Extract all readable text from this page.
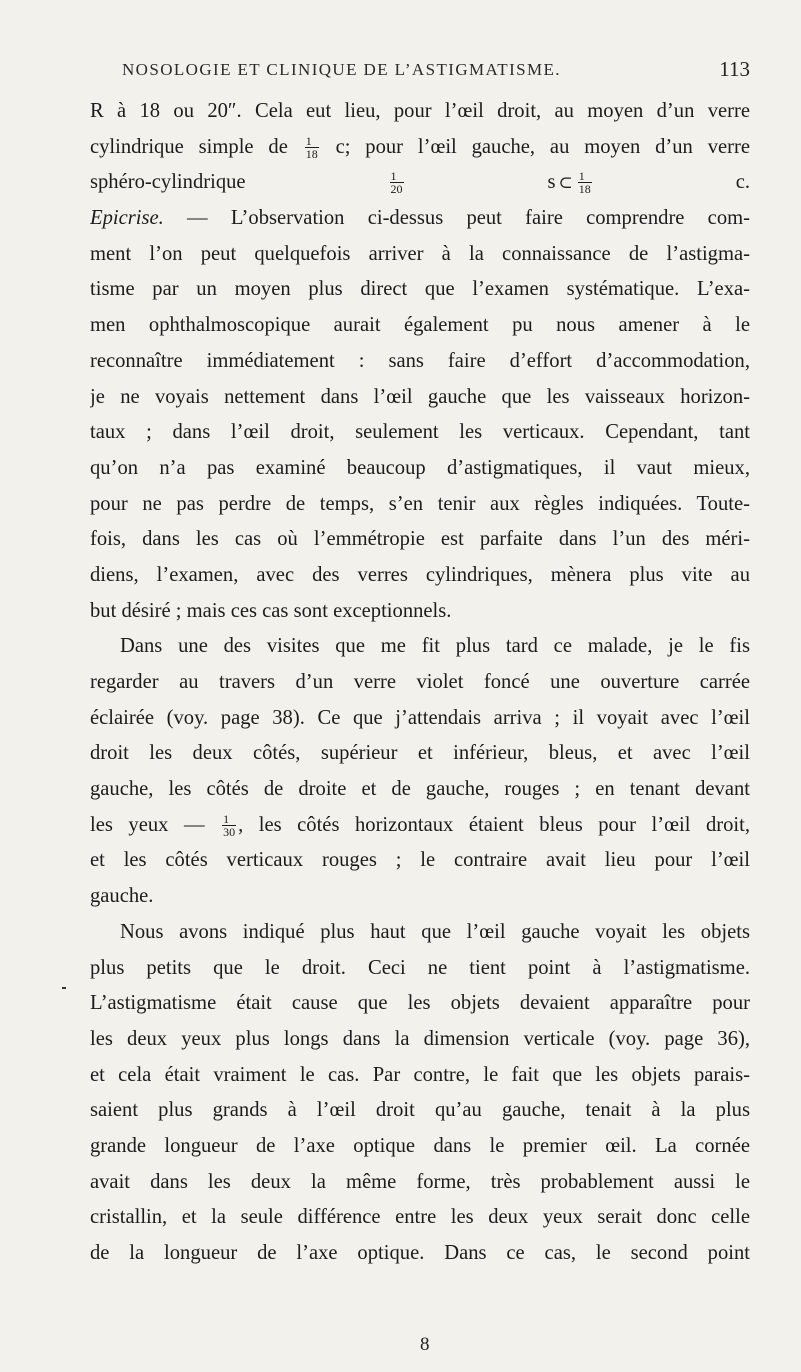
NOSOLOGIE ET CLINIQUE DE L’ASTIGMATISME.	113
R à 18 ou 20″. Cela eut lieu, pour l’œil droit, au moyen d’un verre
cylindrique simple de $\frac{1}{18} c$; pour l’œil gauche, au moyen d’un verre
sphéro-cylindrique	$\frac{1}{20}$	s ⊂ $\frac{1}{18}$	c.
Epicrise. — L’observation ci-dessus peut faire comprendre com-
ment l’on peut quelquefois arriver à la connaissance de l’astigma-
tisme par un moyen plus direct que l’examen systématique. L’exa-
men ophthalmoscopique aurait également pu nous amener à le
reconnaître immédiatement : sans faire d’effort d’accommodation,
je ne voyais nettement dans l’œil gauche que les vaisseaux horizon-
taux ; dans l’œil droit, seulement les verticaux. Cependant, tant
qu’on n’a pas examiné beaucoup d’astigmatiques, il vaut mieux,
pour ne pas perdre de temps, s’en tenir aux règles indiquées. Toute-
fois, dans les cas où l’emmétropie est parfaite dans l’un des méri-
diens, l’examen, avec des verres cylindriques, mènera plus vite au
but désiré ; mais ces cas sont exceptionnels.
Dans une des visites que me fit plus tard ce malade, je le fis
regarder au travers d’un verre violet foncé une ouverture carrée
éclairée (voy. page 38). Ce que j’attendais arriva ; il voyait avec l’œil
droit les deux côtés, supérieur et inférieur, bleus, et avec l’œil
gauche, les côtés de droite et de gauche, rouges ; en tenant devant
les yeux — $\frac{1}{30}$ , les côtés horizontaux étaient bleus pour l’œil droit,
et les côtés verticaux rouges ; le contraire avait lieu pour l’œil
gauche.
Nous avons indiqué plus haut que l’œil gauche voyait les objets
plus petits que le droit. Ceci ne tient point à l’astigmatisme.
L’astigmatisme était cause que les objets devaient apparaître pour
les deux yeux plus longs dans la dimension verticale (voy. page 36),
et cela était vraiment le cas. Par contre, le fait que les objets parais-
saient plus grands à l’œil droit qu’au gauche, tenait à la plus
grande longueur de l’axe optique dans le premier œil. La cornée
avait dans les deux la même forme, très probablement aussi le
cristallin, et la seule différence entre les deux yeux serait donc celle
de la longueur de l’axe optique. Dans ce cas, le second point
8
